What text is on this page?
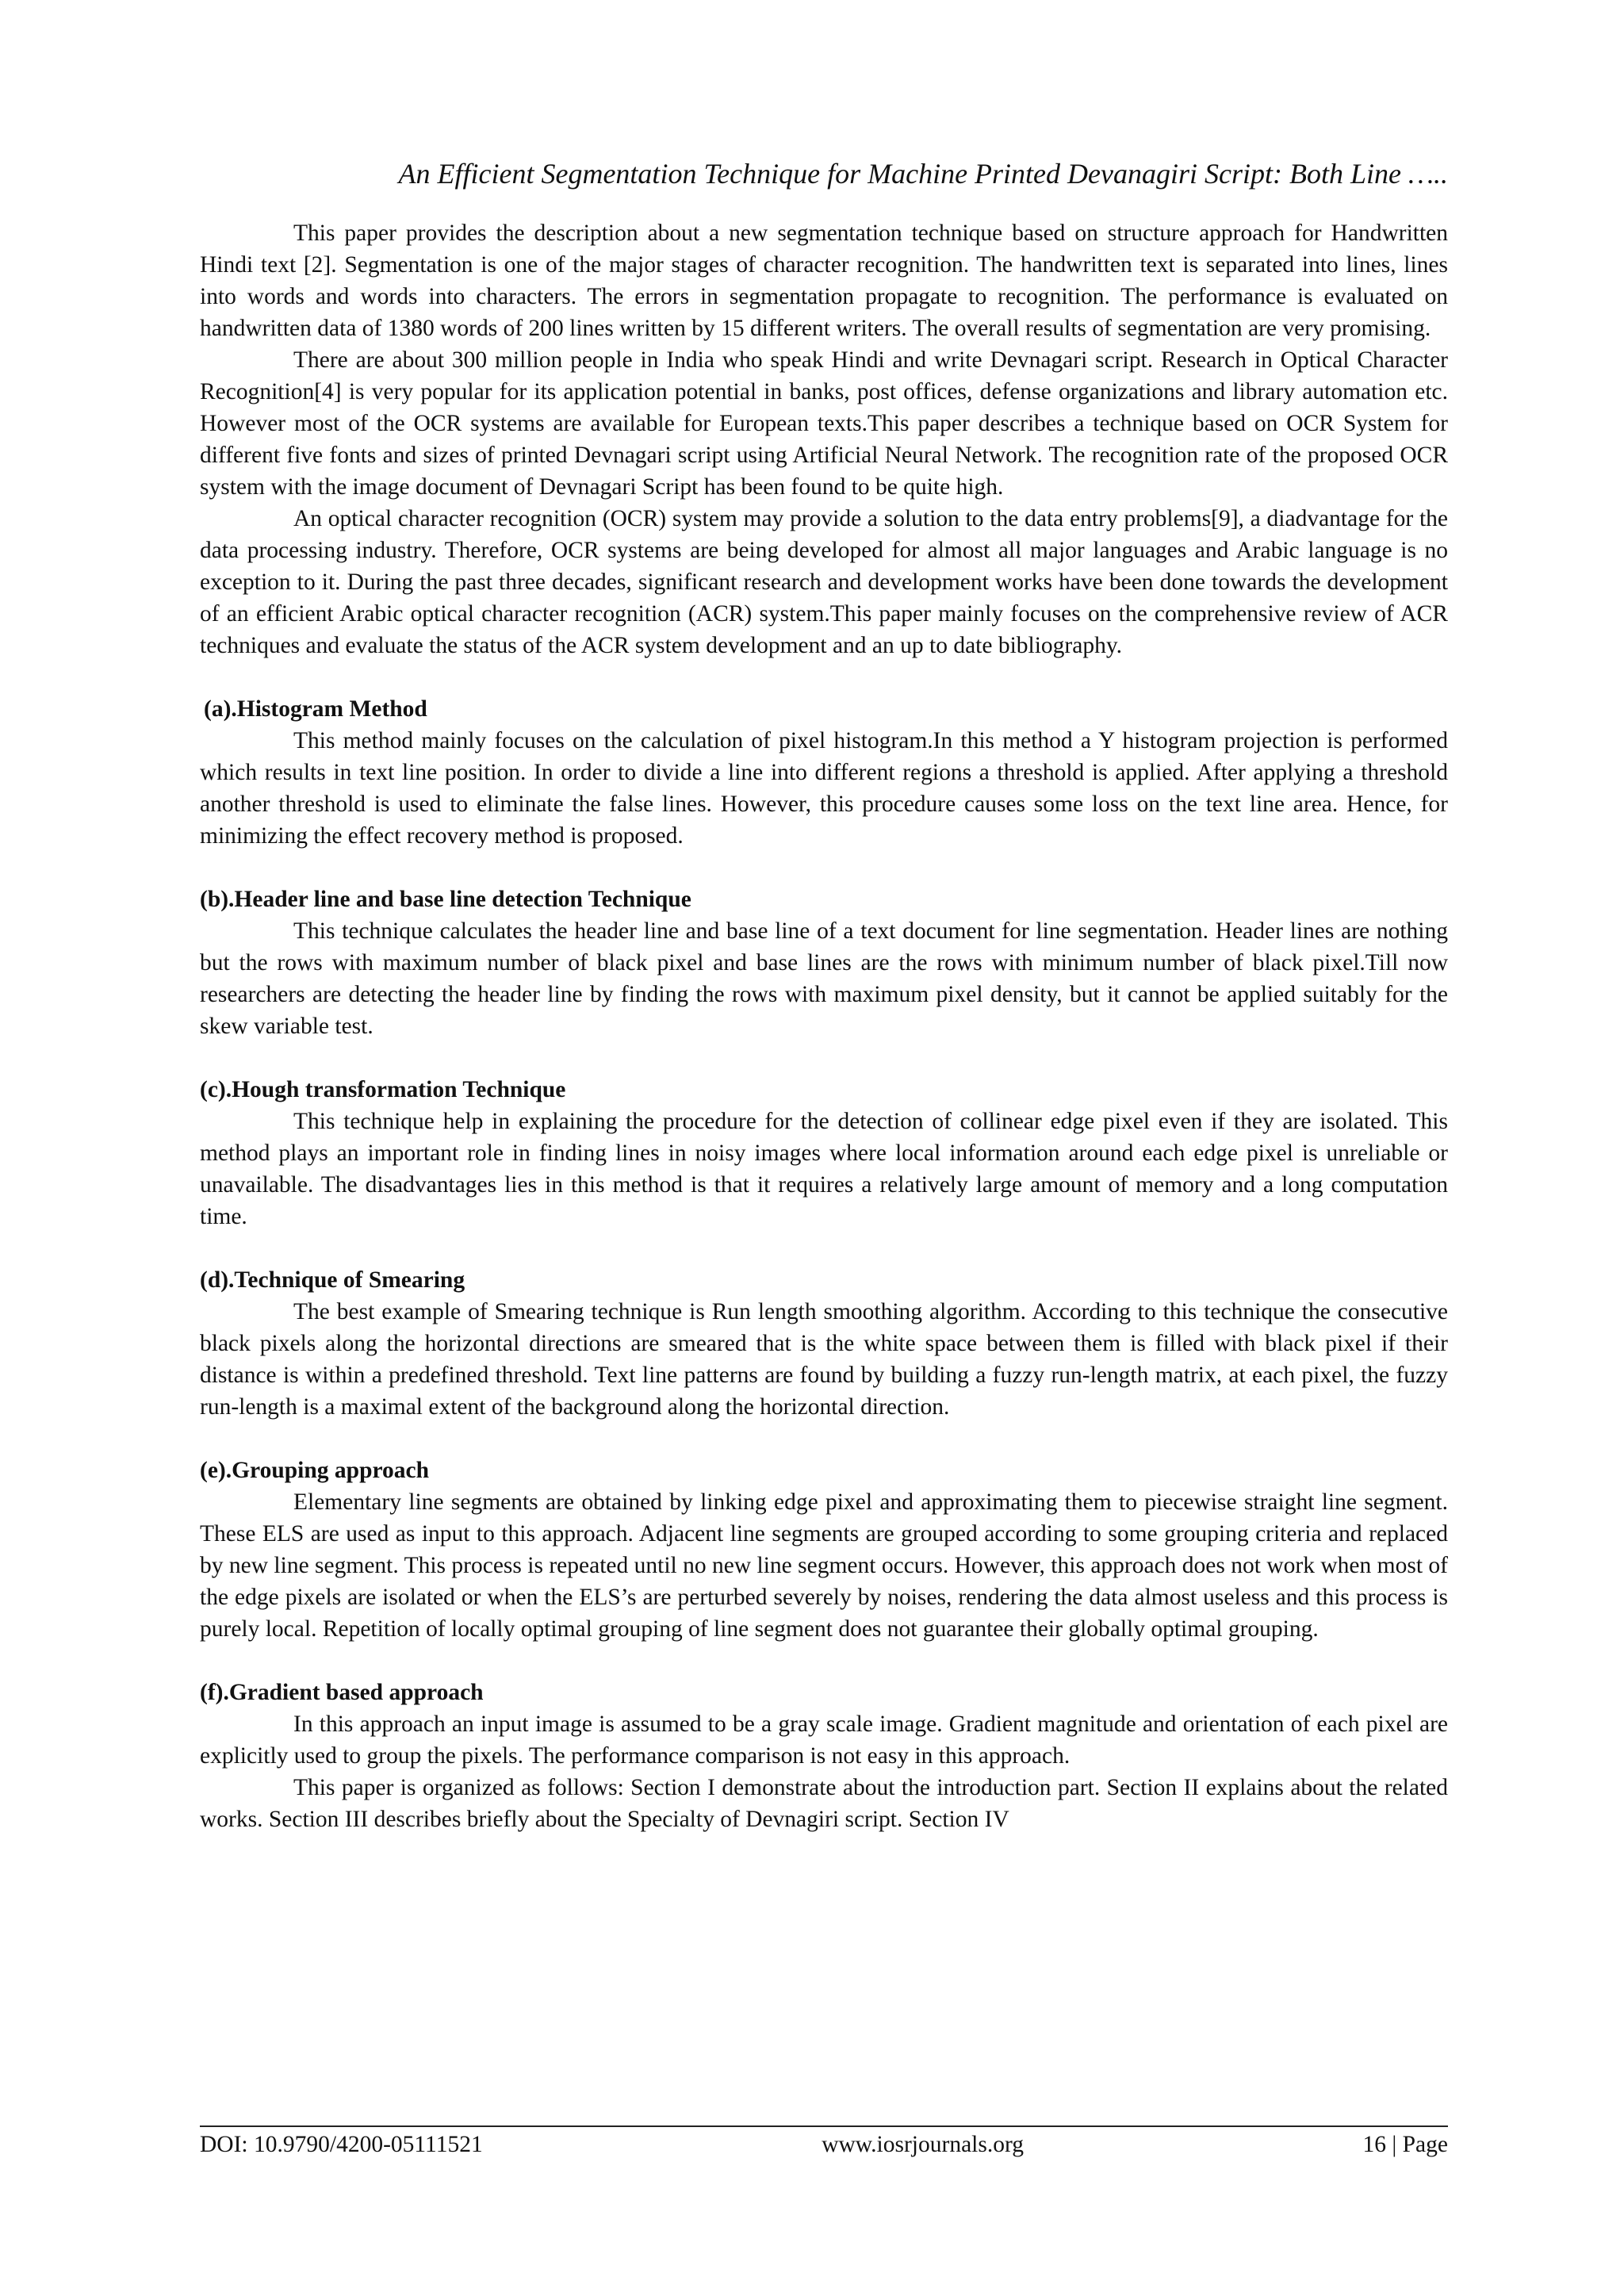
An Efficient Segmentation Technique for Machine Printed Devanagiri Script: Both Line …..

This paper provides the description about a new segmentation technique based on structure approach for Handwritten Hindi text [2]. Segmentation is one of the major stages of character recognition. The handwritten text is separated into lines, lines into words and words into characters. The errors in segmentation propagate to recognition. The performance is evaluated on handwritten data of 1380 words of 200 lines written by 15 different writers. The overall results of segmentation are very promising.

There are about 300 million people in India who speak Hindi and write Devnagari script. Research in Optical Character Recognition[4] is very popular for its application potential in banks, post offices, defense organizations and library automation etc. However most of the OCR systems are available for European texts.This paper describes a technique based on OCR System for different five fonts and sizes of printed Devnagari script using Artificial Neural Network. The recognition rate of the proposed OCR system with the image document of Devnagari Script has been found to be quite high.

An optical character recognition (OCR) system may provide a solution to the data entry problems[9], a diadvantage for the data processing industry. Therefore, OCR systems are being developed for almost all major languages and Arabic language is no exception to it. During the past three decades, significant research and development works have been done towards the development of an efficient Arabic optical character recognition (ACR) system.This paper mainly focuses on the comprehensive review of ACR techniques and evaluate the status of the ACR system development and an up to date bibliography.

(a).Histogram Method

This method mainly focuses on the calculation of pixel histogram.In this method a Y histogram projection is performed which results in text line position. In order to divide a line into different regions a threshold is applied. After applying a threshold another threshold is used to eliminate the false lines. However, this procedure causes some loss on the text line area. Hence, for minimizing the effect recovery method is proposed.

(b).Header line and base line detection Technique

This technique calculates the header line and base line of a text document for line segmentation. Header lines are nothing but the rows with maximum number of black pixel and base lines are the rows with minimum number of black pixel.Till now researchers are detecting the header line by finding the rows with maximum pixel density, but it cannot be applied suitably for the skew variable test.

(c).Hough transformation Technique

This technique help in explaining the procedure for the detection of collinear edge pixel even if they are isolated. This method plays an important role in finding lines in noisy images where local information around each edge pixel is unreliable or unavailable. The disadvantages lies in this method is that it requires a relatively large amount of memory and a long computation time.

(d).Technique of Smearing

The best example of Smearing technique is Run length smoothing algorithm. According to this technique the consecutive black pixels along the horizontal directions are smeared that is the white space between them is filled with black pixel if their distance is within a predefined threshold. Text line patterns are found by building a fuzzy run-length matrix, at each pixel, the fuzzy run-length is a maximal extent of the background along the horizontal direction.

(e).Grouping approach

Elementary line segments are obtained by linking edge pixel and approximating them to piecewise straight line segment. These ELS are used as input to this approach. Adjacent line segments are grouped according to some grouping criteria and replaced by new line segment. This process is repeated until no new line segment occurs. However, this approach does not work when most of the edge pixels are isolated or when the ELS’s are perturbed severely by noises, rendering the data almost useless and this process is purely local. Repetition of locally optimal grouping of line segment does not guarantee their globally optimal grouping.

(f).Gradient based approach

In this approach an input image is assumed to be a gray scale image. Gradient magnitude and orientation of each pixel are explicitly used to group the pixels. The performance comparison is not easy in this approach.

This paper is organized as follows: Section I demonstrate about the introduction part. Section II explains about the related works. Section III describes briefly about the Specialty of Devnagiri script. Section IV

DOI: 10.9790/4200-05111521	www.iosrjournals.org	16 | Page
